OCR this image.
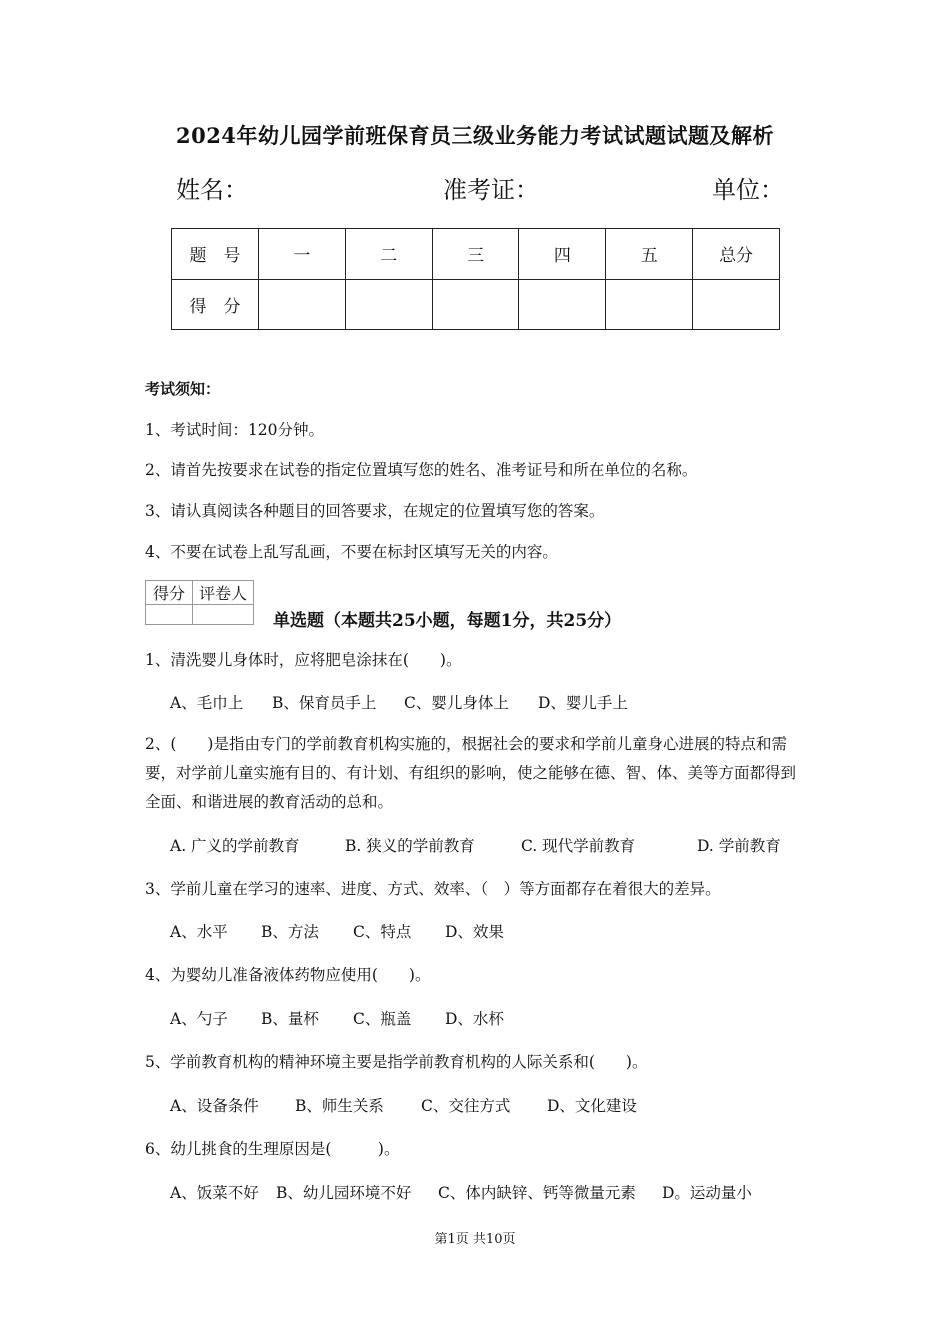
2024年幼儿园学前班保育员三级业务能力考试试题试题及解析
姓名：	准考证：	单位：
题　号	一	二	三	四	五	总分
得　分						
考试须知：
1、考试时间：120分钟。
2、请首先按要求在试卷的指定位置填写您的姓名、准考证号和所在单位的名称。
3、请认真阅读各种题目的回答要求，在规定的位置填写您的答案。
4、不要在试卷上乱写乱画，不要在标封区填写无关的内容。
得分	评卷人

单选题（本题共25小题，每题1分，共25分）
1、清洗婴儿身体时，应将肥皂涂抹在(　　)。
A、毛巾上 B、保育员手上 C、婴儿身体上 D、婴儿手上
2、(　　)是指由专门的学前教育机构实施的，根据社会的要求和学前儿童身心进展的特点和需要，对学前儿童实施有目的、有计划、有组织的影响，使之能够在德、智、体、美等方面都得到全面、和谐进展的教育活动的总和。
A. 广义的学前教育	B. 狭义的学前教育	C. 现代学前教育	D. 学前教育
3、学前儿童在学习的速率、进度、方式、效率、（　）等方面都存在着很大的差异。
A、水平 B、方法 C、特点 D、效果
4、为婴幼儿准备液体药物应使用(　　)。
A、勺子 B、量杯 C、瓶盖 D、水杯
5、学前教育机构的精神环境主要是指学前教育机构的人际关系和(　　)。
A、设备条件 B、师生关系 C、交往方式 D、文化建设
6、幼儿挑食的生理原因是(　　　)。
A、饭菜不好 B、幼儿园环境不好 C、体内缺锌、钙等微量元素 D。运动量小
第1页 共10页
